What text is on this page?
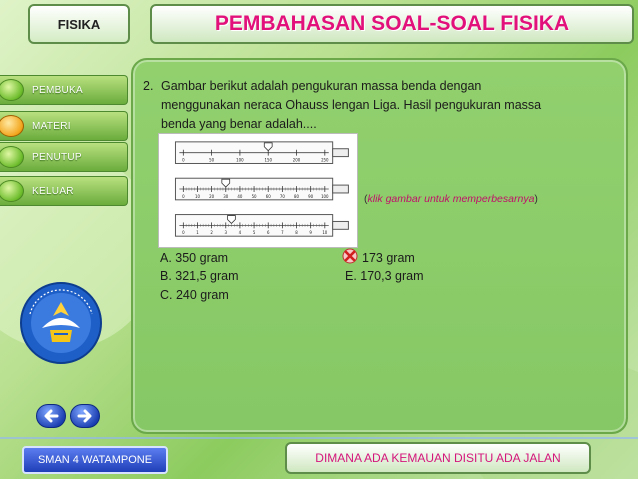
FISIKA	PEMBAHASAN SOAL-SOAL FISIKA
PEMBUKA
MATERI
PENUTUP
KELUAR
2. Gambar berikut adalah pengukuran massa benda dengan menggunakan neraca Ohauss lengan Liga. Hasil pengukuran massa benda yang benar adalah....
0	50	100	150	200	250
0	10 20 30 40 50 60 70 80 90 100
0	1	2	3	4	5	6	7	8	9	10
(klik gambar untuk memperbesarnya)
A. 350 gram
B. 321,5 gram
C. 240 gram
173 gram
E. 170,3 gram
SMAN 4 WATAMPONE	DIMANA ADA KEMAUAN DISITU ADA JALAN
